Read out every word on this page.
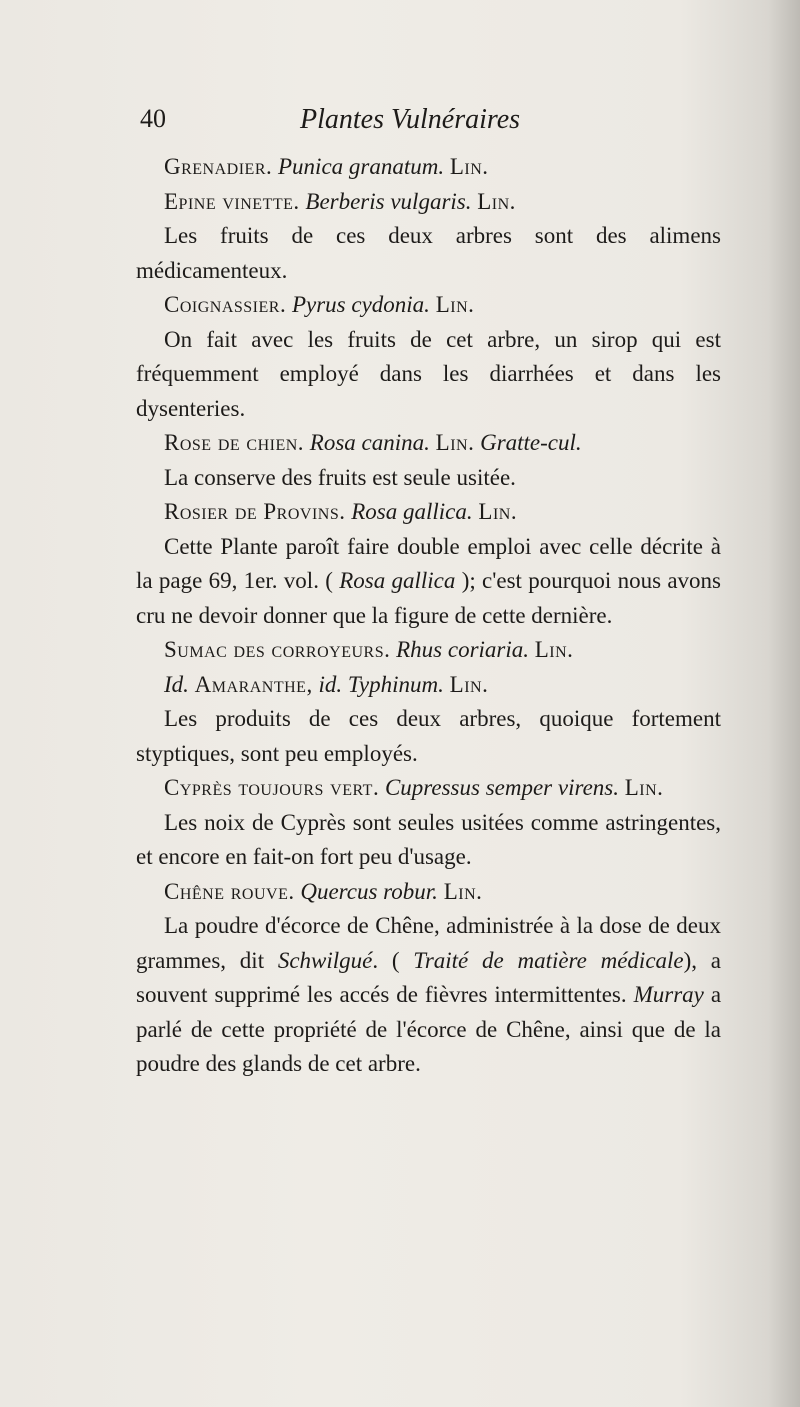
40	Plantes Vulnéraires

Grenadier. Punica granatum. Lin.

Epine vinette. Berberis vulgaris. Lin.

Les fruits de ces deux arbres sont des alimens médicamenteux.

Coignassier. Pyrus cydonia. Lin.

On fait avec les fruits de cet arbre, un sirop qui est fréquemment employé dans les diarrhées et dans les dysenteries.

Rose de chien. Rosa canina. Lin. Gratte-cul.

La conserve des fruits est seule usitée.

Rosier de Provins. Rosa gallica. Lin.

Cette Plante paroît faire double emploi avec celle décrite à la page 69, 1er. vol. ( Rosa gallica ); c'est pourquoi nous avons cru ne devoir donner que la figure de cette dernière.

Sumac des corroyeurs. Rhus coriaria. Lin.

Id. Amaranthe, id. Typhinum. Lin.

Les produits de ces deux arbres, quoique fortement styptiques, sont peu employés.

Cyprès toujours vert. Cupressus semper virens. Lin.

Les noix de Cyprès sont seules usitées comme astringentes, et encore en fait-on fort peu d'usage.

Chêne rouve. Quercus robur. Lin.

La poudre d'écorce de Chêne, administrée à la dose de deux grammes, dit Schwilgué. ( Traité de matière médicale), a souvent supprimé les accés de fièvres intermittentes. Murray a parlé de cette propriété de l'écorce de Chêne, ainsi que de la poudre des glands de cet arbre.
